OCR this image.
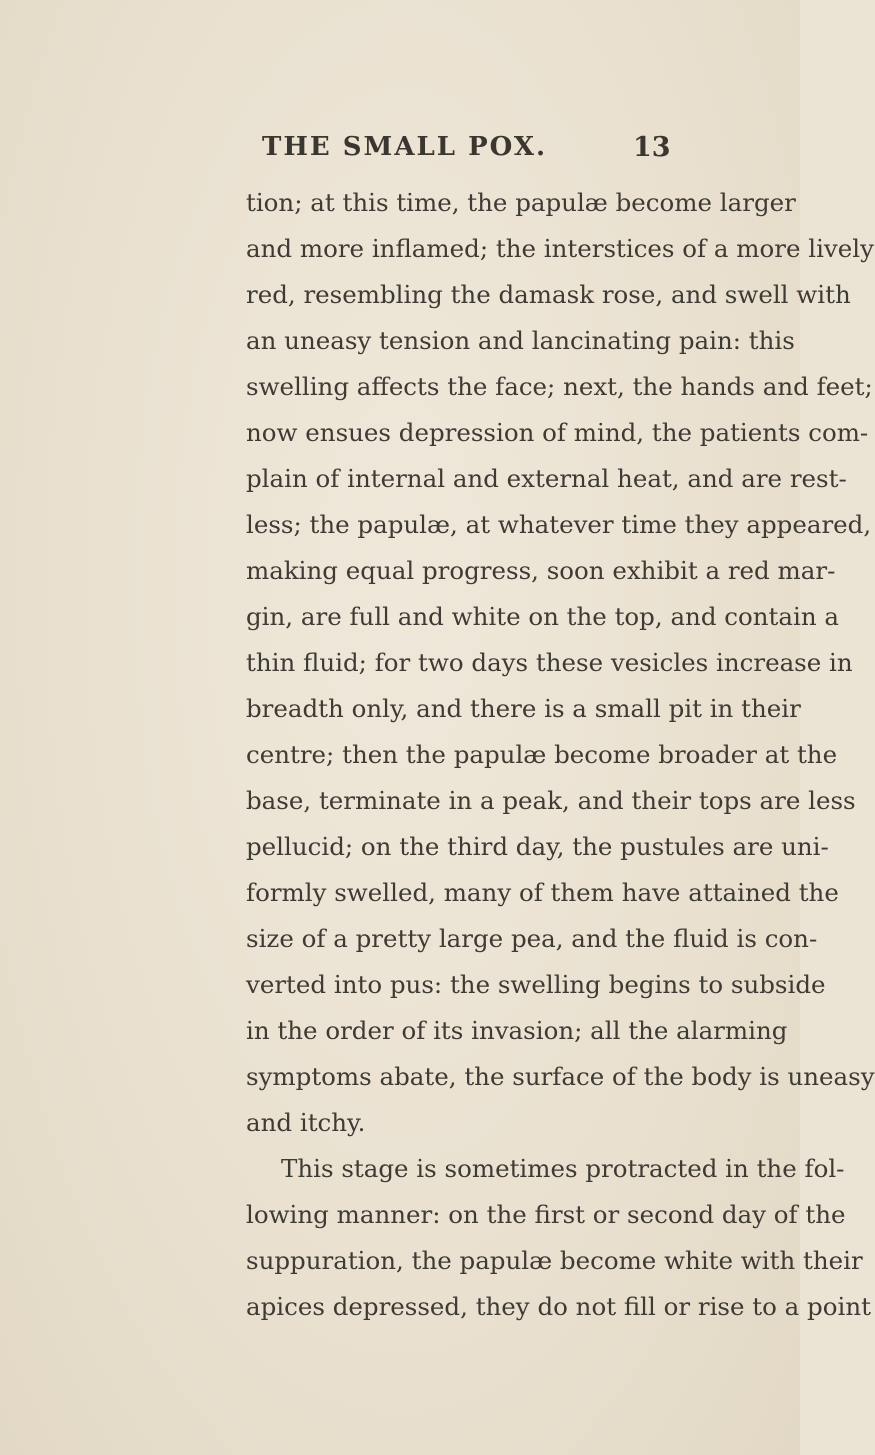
THE SMALL POX.	13
tion; at this time, the papulæ become larger
and more inflamed; the interstices of a more lively
red, resembling the damask rose, and swell with
an uneasy tension and lancinating pain: this
swelling affects the face; next, the hands and feet;
now ensues depression of mind, the patients com-
plain of internal and external heat, and are rest-
less; the papulæ, at whatever time they appeared,
making equal progress, soon exhibit a red mar-
gin, are full and white on the top, and contain a
thin fluid; for two days these vesicles increase in
breadth only, and there is a small pit in their
centre; then the papulæ become broader at the
base, terminate in a peak, and their tops are less
pellucid; on the third day, the pustules are uni-
formly swelled, many of them have attained the
size of a pretty large pea, and the fluid is con-
verted into pus: the swelling begins to subside
in the order of its invasion; all the alarming
symptoms abate, the surface of the body is uneasy
and itchy.
This stage is sometimes protracted in the fol-
lowing manner: on the first or second day of the
suppuration, the papulæ become white with their
apices depressed, they do not fill or rise to a point
